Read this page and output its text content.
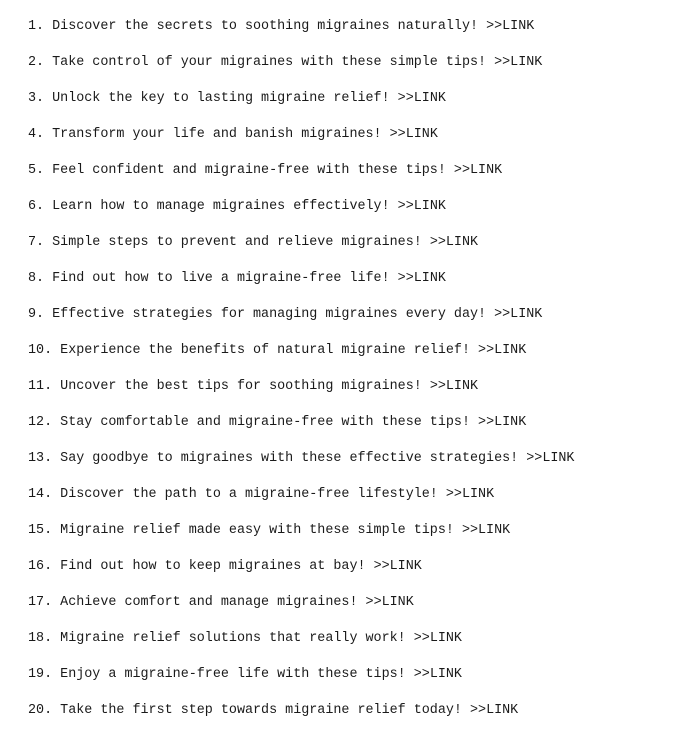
1. Discover the secrets to soothing migraines naturally! >>LINK
2. Take control of your migraines with these simple tips! >>LINK
3. Unlock the key to lasting migraine relief! >>LINK
4. Transform your life and banish migraines! >>LINK
5. Feel confident and migraine-free with these tips! >>LINK
6. Learn how to manage migraines effectively! >>LINK
7. Simple steps to prevent and relieve migraines! >>LINK
8. Find out how to live a migraine-free life! >>LINK
9. Effective strategies for managing migraines every day! >>LINK
10. Experience the benefits of natural migraine relief! >>LINK
11. Uncover the best tips for soothing migraines! >>LINK
12. Stay comfortable and migraine-free with these tips! >>LINK
13. Say goodbye to migraines with these effective strategies! >>LINK
14. Discover the path to a migraine-free lifestyle! >>LINK
15. Migraine relief made easy with these simple tips! >>LINK
16. Find out how to keep migraines at bay! >>LINK
17. Achieve comfort and manage migraines! >>LINK
18. Migraine relief solutions that really work! >>LINK
19. Enjoy a migraine-free life with these tips! >>LINK
20. Take the first step towards migraine relief today! >>LINK
